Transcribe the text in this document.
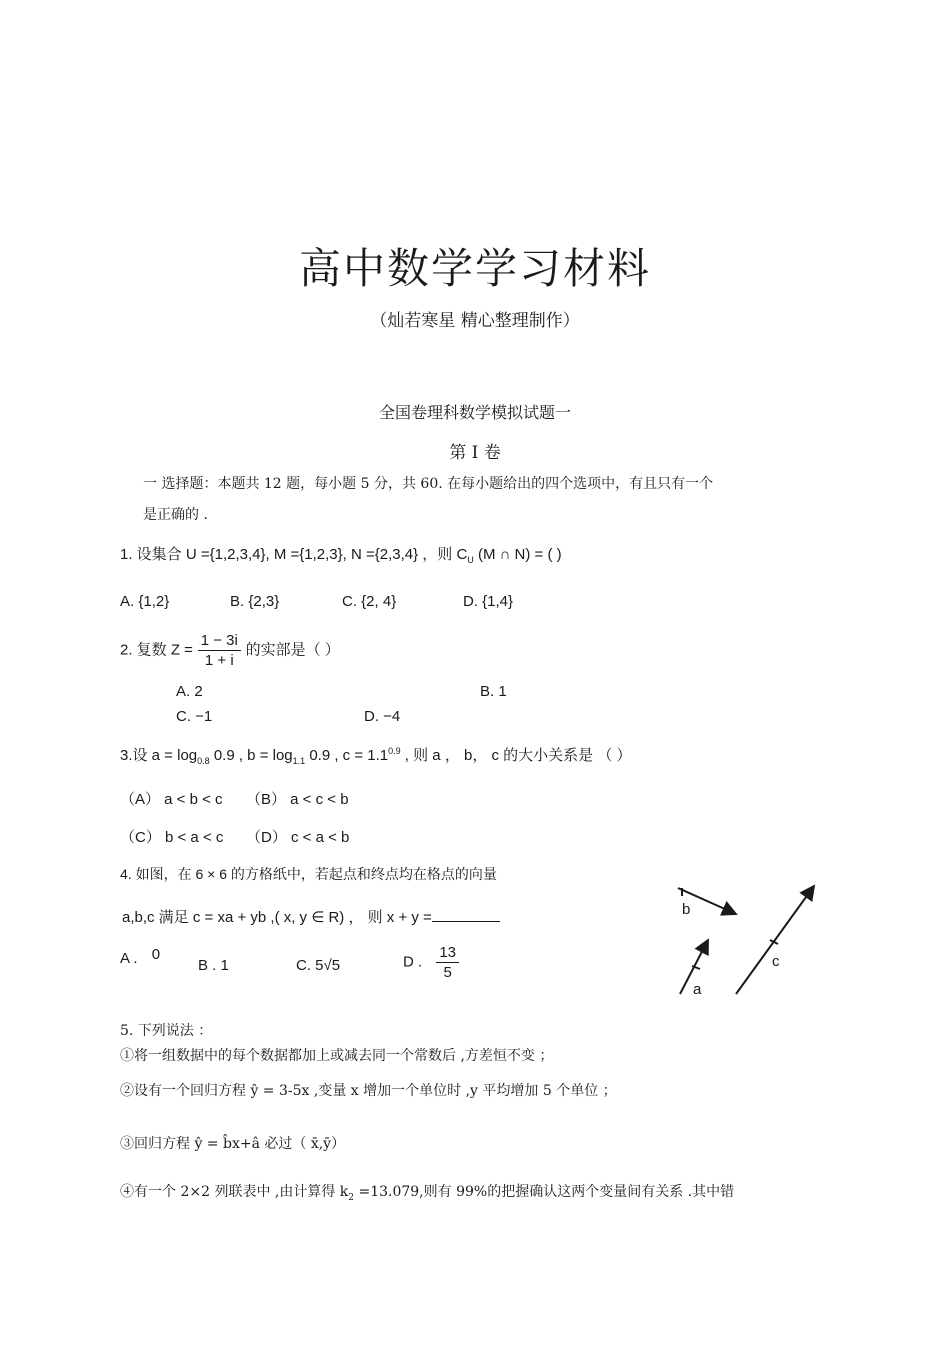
高中数学学习材料
（灿若寒星 精心整理制作）
全国卷理科数学模拟试题一
第 I 卷
一 选择题：本题共 12 题，每小题 5 分，共 60. 在每小题给出的四个选项中，有且只有一个
是正确的 .
1. 设集合 U ={1,2,3,4}, M ={1,2,3}, N ={2,3,4} ，则 $C_U$ (M ∩ N) = ( )
A. {1,2}	B. {2,3}	C. {2, 4}	D. {1,4}
2. 复数 $Z = \frac{1 - 3i}{1 + i}$ 的实部是（ ）
A. 2	B. 1
C. −1	D. −4
3.设 $a = \log_{0.8} 0.9$ , $b = \log_{1.1} 0.9$ , $c = 1.1^{0.9}$ , 则 a ， b， c 的大小关系是 （ ）
（A） a < b < c （B） a < c < b
（C） b < a < c （D） c < a < b
4. 如图，在 6 × 6 的方格纸中，若起点和终点均在格点的向量
a,b,c 满足 c = xa + yb ,( x, y ∈ R) ， 则 x + y =
A . 0
B . 1	C. 5√5	D . $\frac{13}{5}$
b
a
c
5. 下列说法 ：
①将一组数据中的每个数据都加上或减去同一个常数后 ,方差恒不变 ；
②设有一个回归方程 ŷ = 3-5x ,变量 x 增加一个单位时 ,y 平均增加 5 个单位 ；
③回归方程 ŷ = b̂x+â 必过（ x̄,ȳ）
④有一个 2×2 列联表中 ,由计算得 $k_2 =13.079$,则有 99%的把握确认这两个变量间有关系 .其中错
